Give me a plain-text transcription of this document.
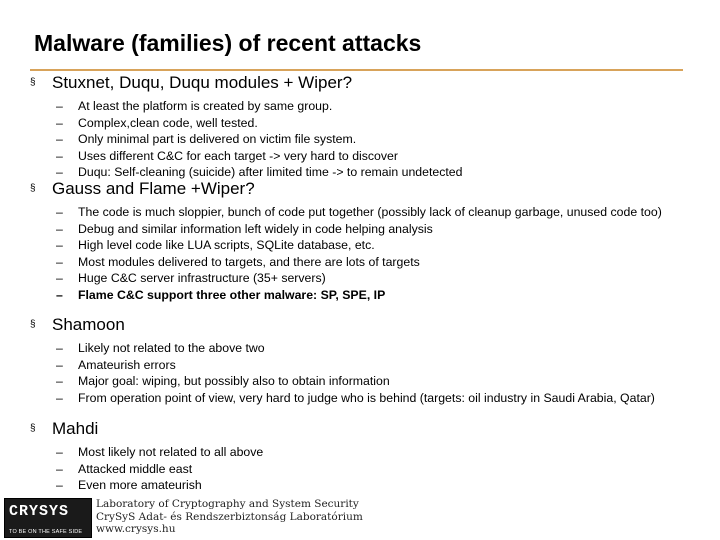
Malware (families) of recent attacks
§ Stuxnet, Duqu, Duqu modules + Wiper?
– At least the platform is created by same group.
– Complex,clean code, well tested.
– Only minimal part is delivered on victim file system.
– Uses different C&C for each target -> very hard to discover
– Duqu: Self-cleaning (suicide) after limited time -> to remain undetected
§ Gauss and Flame +Wiper?
– The code is much sloppier, bunch of code put together (possibly lack of cleanup garbage, unused code too)
– Debug and similar information left widely in code helping analysis
– High level code like LUA scripts, SQLite database, etc.
– Most modules delivered to targets, and there are lots of targets
– Huge C&C server infrastructure (35+ servers)
– Flame C&C support three other malware: SP, SPE, IP
§ Shamoon
– Likely not related to the above two
– Amateurish errors
– Major goal: wiping, but possibly also to obtain information
– From operation point of view, very hard to judge who is behind (targets: oil industry in Saudi Arabia, Qatar)
§ Mahdi
– Most likely not related to all above
– Attacked middle east
– Even more amateurish
CRYSYS
TO BE ON THE SAFE SIDE
Laboratory of Cryptography and System Security
CrySyS Adat- és Rendszerbiztonság Laboratórium
www.crysys.hu
